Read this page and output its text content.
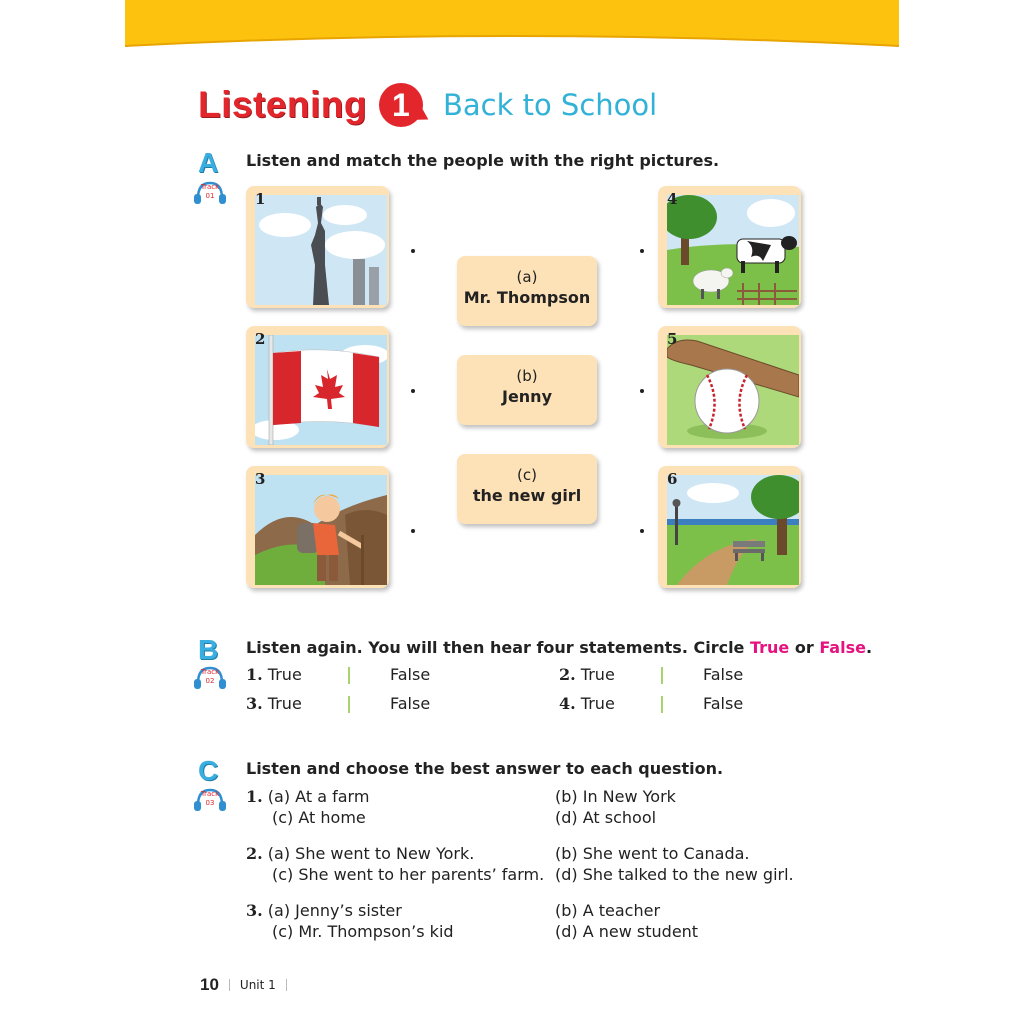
Listening 1	Back to School
A
Track
01
Listen and match the people with the right pictures.
1
2
3
(a)
Mr. Thompson
(b)
Jenny
(c)
the new girl
4
5
6
B
Track
02
Listen again. You will then hear four statements. Circle True or False.
1. True	False	2. True	False
3. True	False	4. True	False
C
Track
03
Listen and choose the best answer to each question.
1. (a) At a farm	(b) In New York
(c) At home	(d) At school
2. (a) She went to New York.	(b) She went to Canada.
(c) She went to her parents’ farm. (d) She talked to the new girl.
3. (a) Jenny’s sister	(b) A teacher
(c) Mr. Thompson’s kid	(d) A new student
10 Unit 1
